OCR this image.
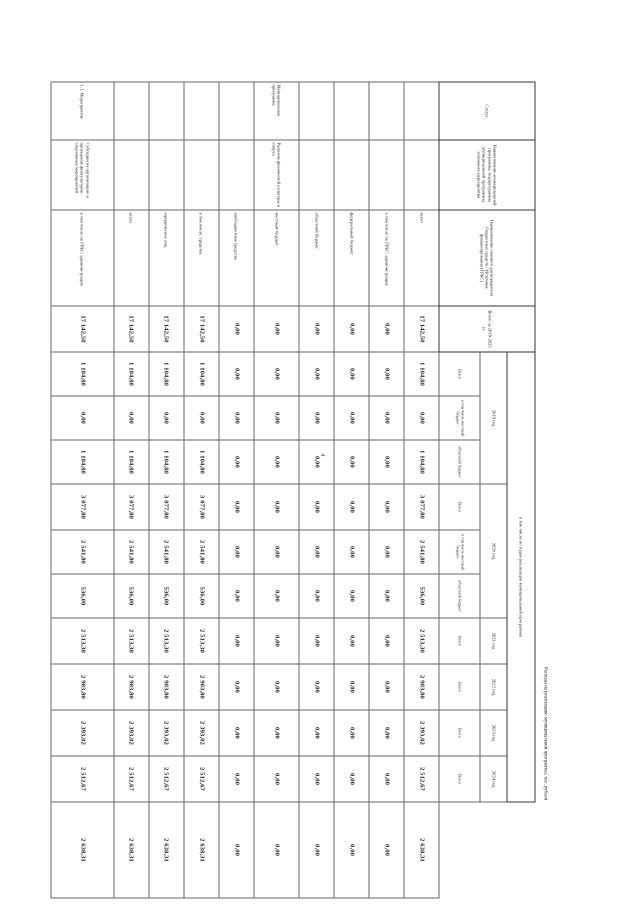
4
Расходы на реализацию муниципальной программы, тыс. рублей														
Статус	Наименование муниципальной программы, подпрограммы муниципальной программы, основного мероприятия	Наименование главного распорядителя бюджетных средств / Источник финансирования (ГРБС)	Всего за 2019-2025 гг.	в том числе по годам реализации муниципальной программы										
				2019 год			2020 год			2021 год	2022 год	2023 год	2024 год	
				Всего	в том числе местный бюджет	областной бюджет	Всего	в том числе местный бюджет	областной бюджет	Всего	Всего	Всего	Всего	
		всего	17 142,50	1 104,80	0,00	1 104,80	3 077,80	2 541,80	536,00	2 513,30	2 903,80	2 393,02	2 512,67	2 638,31
		в том числе по ГРБС: администрация	0,00	0,00	0,00	0,00	0,00	0,00	0,00	0,00	0,00	0,00	0,00	0,00
		федеральный бюджет	0,00	0,00	0,00	0,00	0,00	0,00	0,00	0,00	0,00	0,00	0,00	0,00
		областной бюджет	0,00	0,00	0,00	0,00	0,00	0,00	0,00	0,00	0,00	0,00	0,00	0,00
Муниципальная программа	Развитие физической культуры и спорта	местный бюджет	0,00	0,00	0,00	0,00	0,00	0,00	0,00	0,00	0,00	0,00	0,00	0,00
		внебюджетные средства	0,00	0,00	0,00	0,00	0,00	0,00	0,00	0,00	0,00	0,00	0,00	0,00
		в том числе: средства	17 142,50	1 104,80	0,00	1 104,80	3 077,80	2 541,80	536,00	2 513,30	2 903,80	2 393,02	2 512,67	2 638,31
		юридических лиц	17 142,50	1 104,80	0,00	1 104,80	3 077,80	2 541,80	536,00	2 513,30	2 903,80	2 393,02	2 512,67	2 638,31
		всего	17 142,50	1 104,80	0,00	1 104,80	3 077,80	2 541,80	536,00	2 513,30	2 903,80	2 393,02	2 512,67	2 638,31
1.1. Мероприятие	Субсидии на организацию и проведение физкультурно-спортивных мероприятий	в том числе по ГРБС: администрация	17 142,50	1 104,80	0,00	1 104,80	3 077,80	2 541,80	536,00	2 513,30	2 903,80	2 393,02	2 512,67	2 638,31
